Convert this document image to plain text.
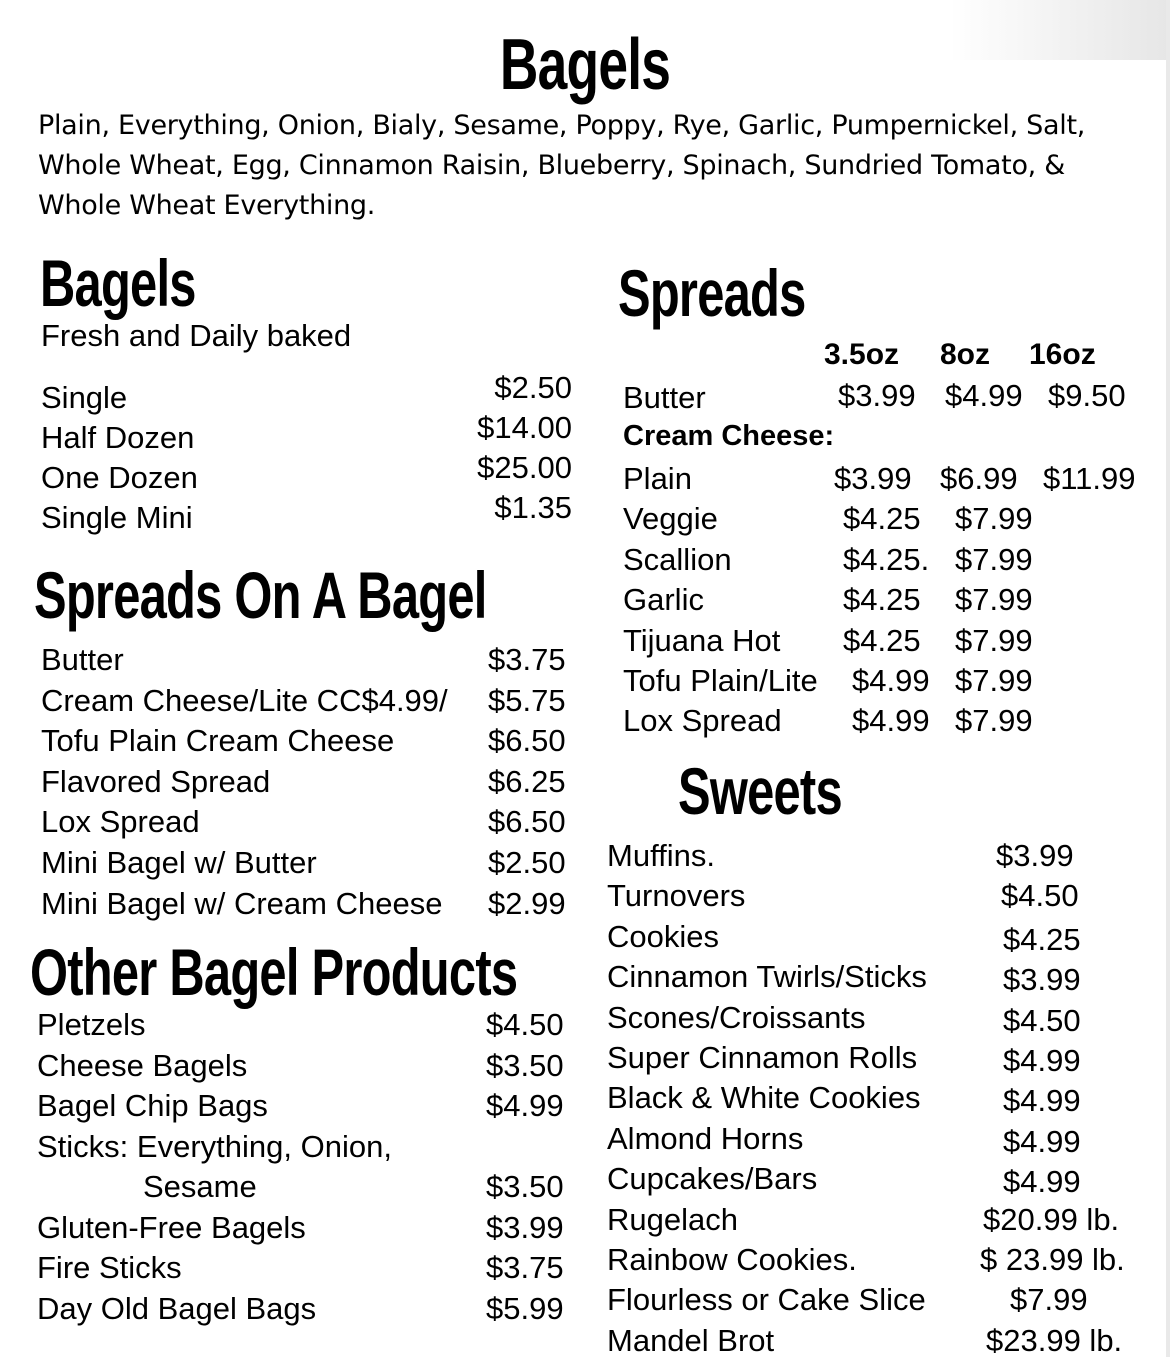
Bagels
Plain, Everything, Onion, Bialy, Sesame, Poppy, Rye, Garlic, Pumpernickel, Salt, Whole Wheat, Egg, Cinnamon Raisin, Blueberry, Spinach, Sundried Tomato, & Whole Wheat Everything.
Bagels
Fresh and Daily baked
Single	$2.50
Half Dozen	$14.00
One Dozen	$25.00
Single Mini	$1.35
Spreads On A Bagel
Butter	$3.75
Cream Cheese/Lite CC$4.99/ $5.75
Tofu Plain Cream Cheese	$6.50
Flavored Spread	$6.25
Lox Spread	$6.50
Mini Bagel w/ Butter	$2.50
Mini Bagel w/ Cream Cheese $2.99
Other Bagel Products
Pletzels	$4.50
Cheese Bagels	$3.50
Bagel Chip Bags	$4.99
Sticks: Everything, Onion,
Sesame	$3.50
Gluten-Free Bagels	$3.99
Fire Sticks	$3.75
Day Old Bagel Bags	$5.99
Spreads
3.5oz 8oz 16oz
Butter	$3.99 $4.99 $9.50
Cream Cheese:
Plain	$3.99 $6.99 $11.99
Veggie	$4.25 $7.99
Scallion	$4.25. $7.99
Garlic	$4.25 $7.99
Tijuana Hot $4.25 $7.99
Tofu Plain/Lite $4.99 $7.99
Lox Spread $4.99 $7.99
Sweets
Muffins.	$3.99
Turnovers	$4.50
Cookies	$4.25
Cinnamon Twirls/Sticks $3.99
Scones/Croissants	$4.50
Super Cinnamon Rolls	$4.99
Black & White Cookies	$4.99
Almond Horns	$4.99
Cupcakes/Bars	$4.99
Rugelach	$20.99 lb.
Rainbow Cookies.	$ 23.99 lb.
Flourless or Cake Slice	$7.99
Mandel Brot	$23.99 lb.
